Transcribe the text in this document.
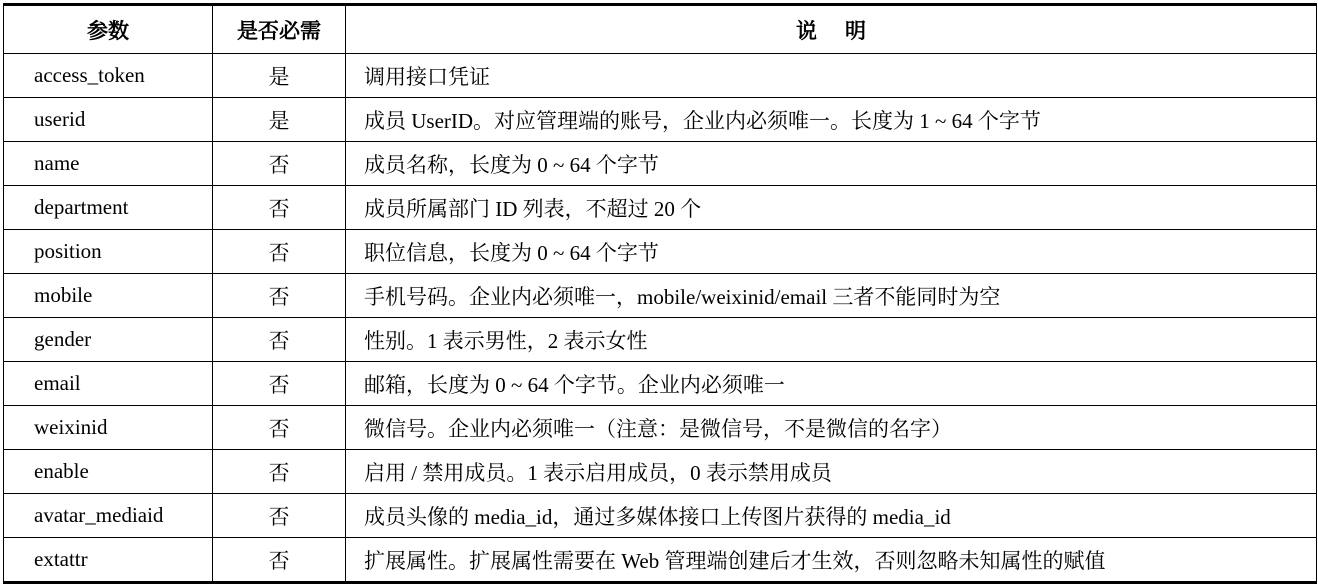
参数	是否必需	说 明
access_token	是	调用接口凭证
userid	是	成员 UserID。对应管理端的账号，企业内必须唯一。长度为 1 ~ 64 个字节
name	否	成员名称，长度为 0 ~ 64 个字节
department	否	成员所属部门 ID 列表，不超过 20 个
position	否	职位信息，长度为 0 ~ 64 个字节
mobile	否	手机号码。企业内必须唯一，mobile/weixinid/email 三者不能同时为空
gender	否	性别。1 表示男性，2 表示女性
email	否	邮箱，长度为 0 ~ 64 个字节。企业内必须唯一
weixinid	否	微信号。企业内必须唯一（注意：是微信号，不是微信的名字）
enable	否	启用 / 禁用成员。1 表示启用成员，0 表示禁用成员
avatar_mediaid	否	成员头像的 media_id，通过多媒体接口上传图片获得的 media_id
extattr	否	扩展属性。扩展属性需要在 Web 管理端创建后才生效，否则忽略未知属性的赋值
